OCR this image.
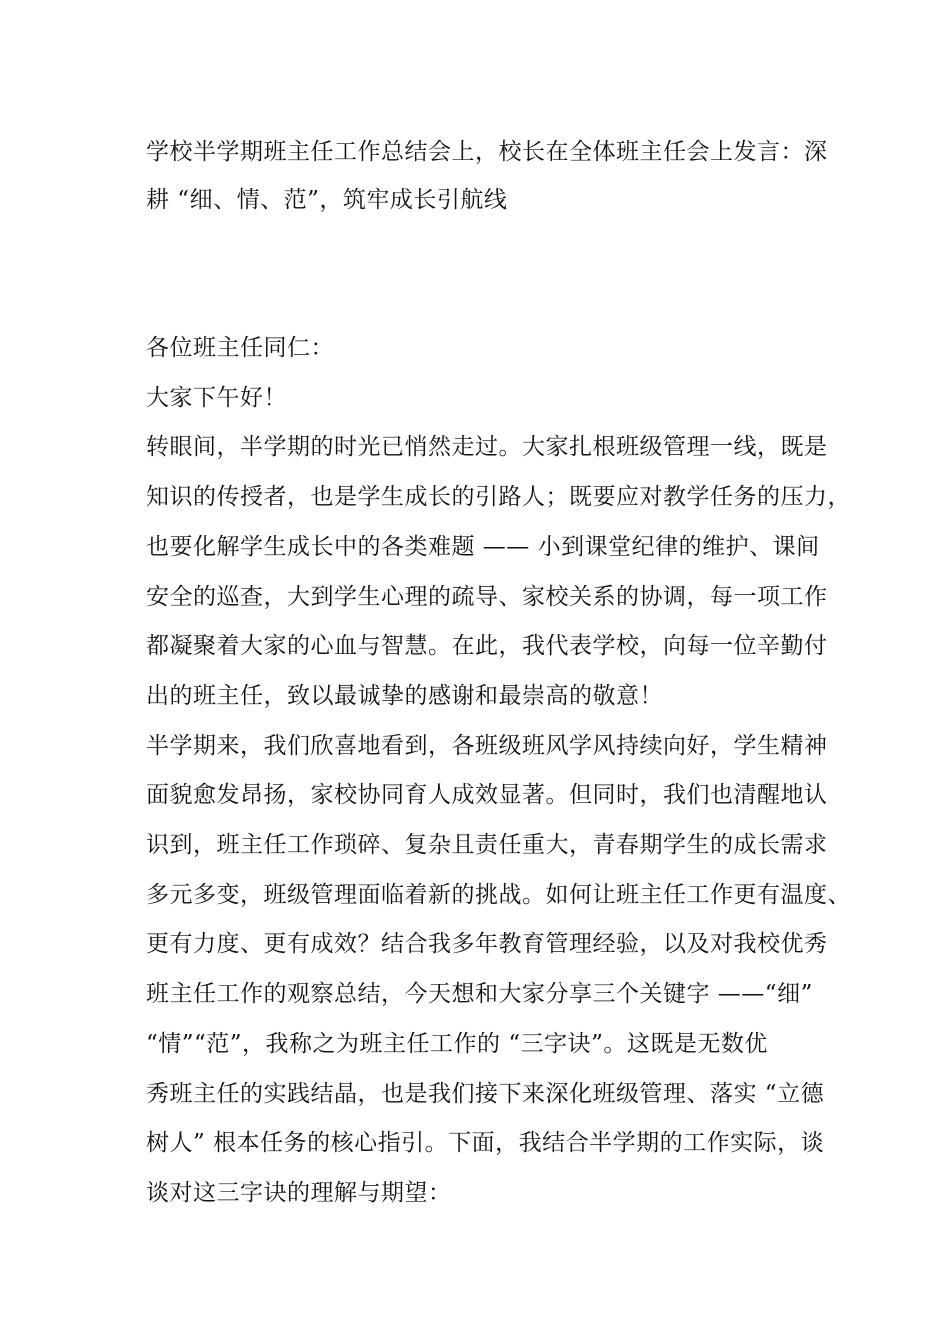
学校半学期班主任工作总结会上，校长在全体班主任会上发言：深
耕 “细、情、范”，筑牢成长引航线
各位班主任同仁：
大家下午好！
转眼间，半学期的时光已悄然走过。大家扎根班级管理一线，既是
知识的传授者，也是学生成长的引路人；既要应对教学任务的压力，
也要化解学生成长中的各类难题 —— 小到课堂纪律的维护、课间
安全的巡查，大到学生心理的疏导、家校关系的协调，每一项工作
都凝聚着大家的心血与智慧。在此，我代表学校，向每一位辛勤付
出的班主任，致以最诚挚的感谢和最崇高的敬意！
半学期来，我们欣喜地看到，各班级班风学风持续向好，学生精神
面貌愈发昂扬，家校协同育人成效显著。但同时，我们也清醒地认
识到，班主任工作琐碎、复杂且责任重大，青春期学生的成长需求
多元多变，班级管理面临着新的挑战。如何让班主任工作更有温度、
更有力度、更有成效？结合我多年教育管理经验，以及对我校优秀
班主任工作的观察总结，今天想和大家分享三个关键字 ——“细”
“情”“范”，我称之为班主任工作的 “三字诀”。这既是无数优
秀班主任的实践结晶，也是我们接下来深化班级管理、落实 “立德
树人” 根本任务的核心指引。下面，我结合半学期的工作实际，谈
谈对这三字诀的理解与期望：
